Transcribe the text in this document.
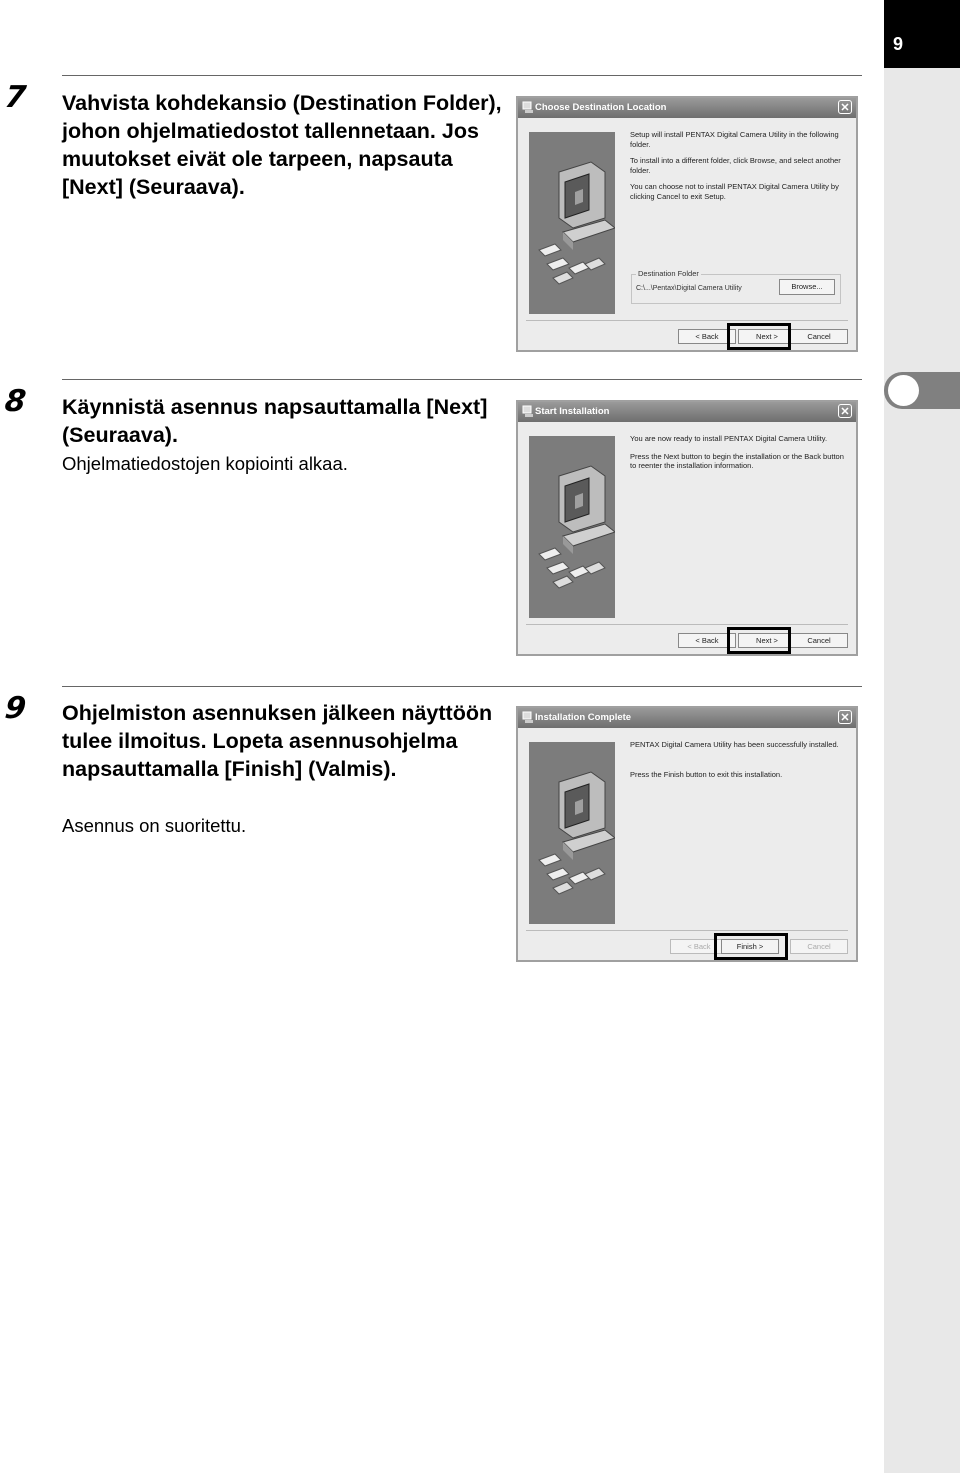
9
7 Vahvista kohdekansio (Destination Folder), johon ohjelmatiedostot tallennetaan. Jos muutokset eivät ole tarpeen, napsauta [Next] (Seuraava).
Choose Destination Location	✕
Setup will install PENTAX Digital Camera Utility in the following folder.
To install into a different folder, click Browse, and select another folder.
You can choose not to install PENTAX Digital Camera Utility by clicking Cancel to exit Setup.
Destination Folder
C:\...\Pentax\Digital Camera Utility	Browse...
< Back	Next >	Cancel
8 Käynnistä asennus napsauttamalla [Next] (Seuraava).
Ohjelmatiedostojen kopiointi alkaa.
Start Installation	✕
You are now ready to install PENTAX Digital Camera Utility.
Press the Next button to begin the installation or the Back button to reenter the installation information.
< Back	Next >	Cancel
9 Ohjelmiston asennuksen jälkeen näyttöön tulee ilmoitus. Lopeta asennusohjelma napsauttamalla [Finish] (Valmis).
Asennus on suoritettu.
Installation Complete	✕
PENTAX Digital Camera Utility has been successfully installed.
Press the Finish button to exit this installation.
< Back	Finish >	Cancel
